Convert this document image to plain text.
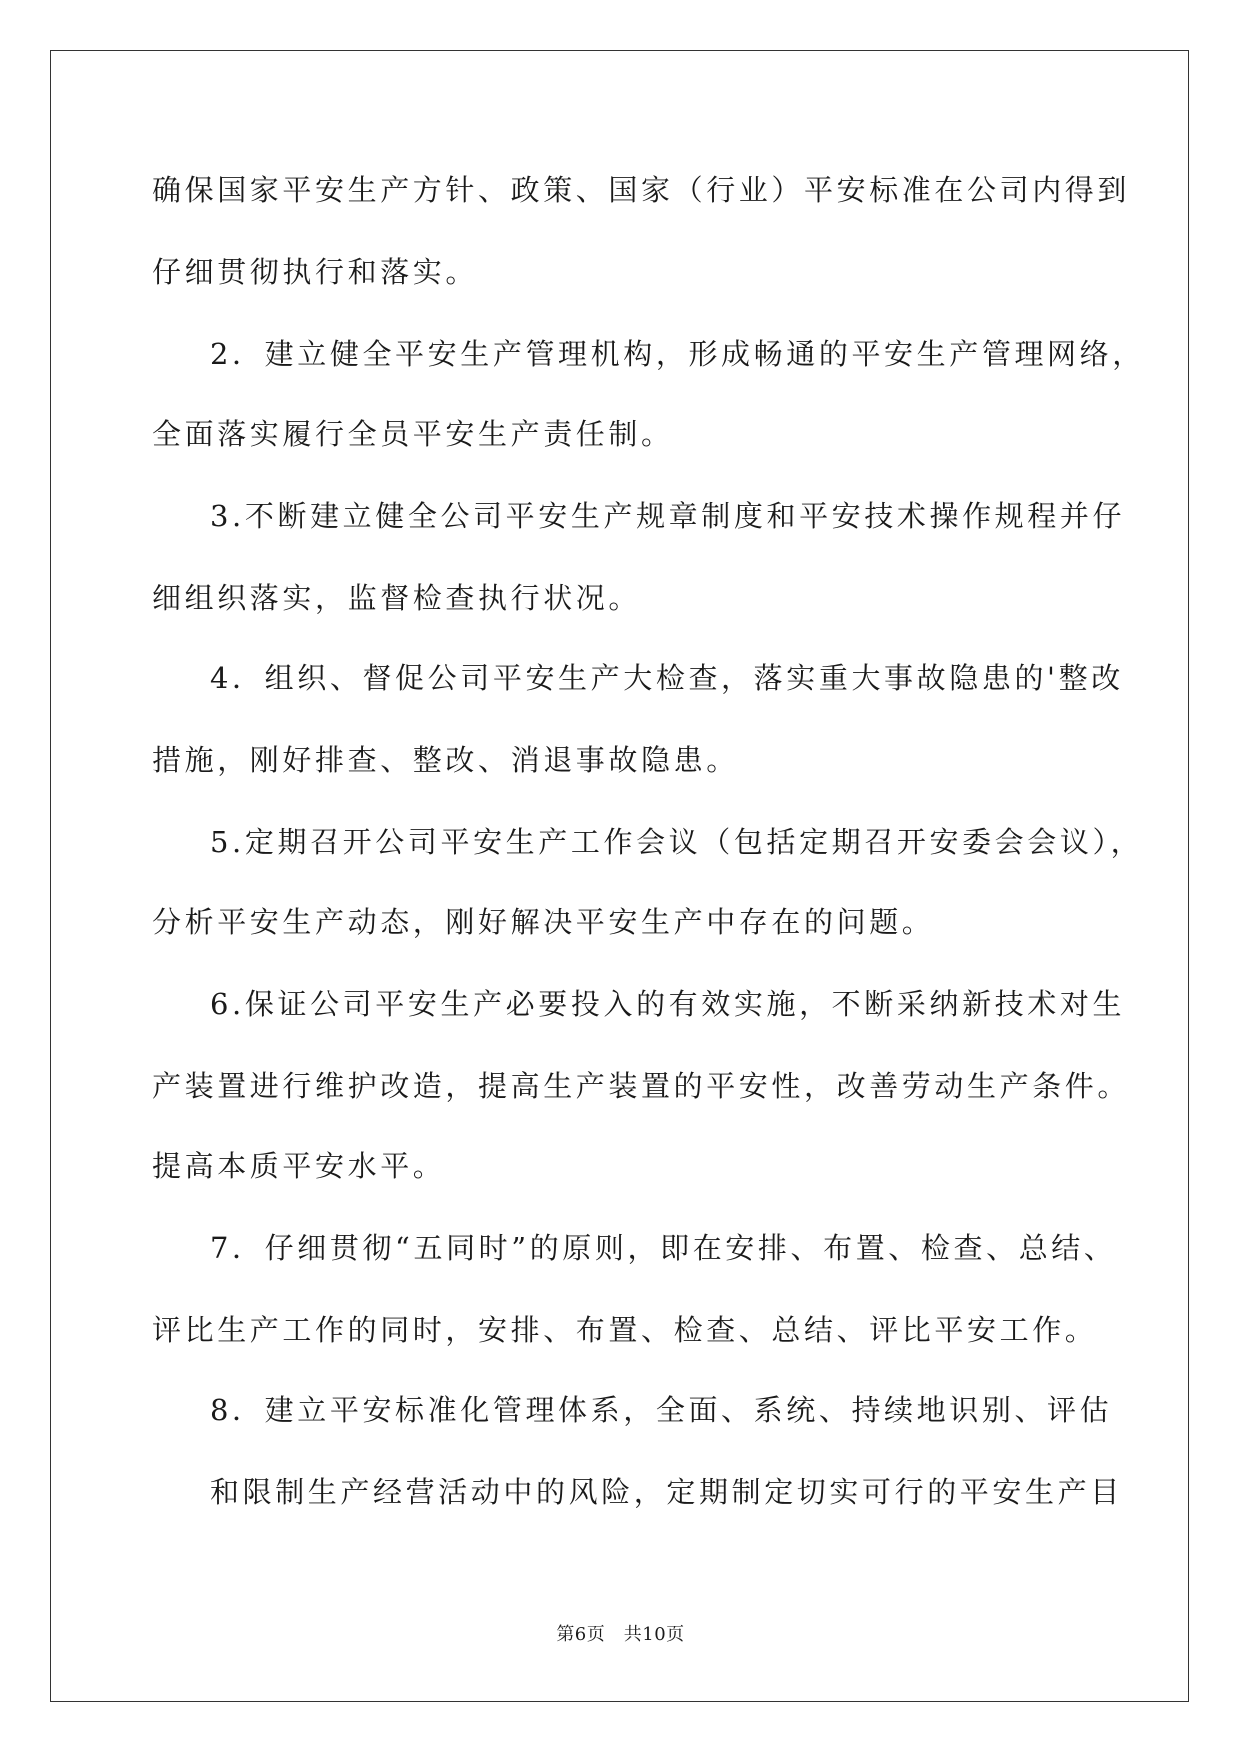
确保国家平安生产方针、政策、国家（行业）平安标准在公司内得到
仔细贯彻执行和落实。
2．建立健全平安生产管理机构，形成畅通的平安生产管理网络，
全面落实履行全员平安生产责任制。
3.不断建立健全公司平安生产规章制度和平安技术操作规程并仔
细组织落实，监督检查执行状况。
4．组织、督促公司平安生产大检查，落实重大事故隐患的'整改
措施，刚好排查、整改、消退事故隐患。
5.定期召开公司平安生产工作会议（包括定期召开安委会会议），
分析平安生产动态，刚好解决平安生产中存在的问题。
6.保证公司平安生产必要投入的有效实施，不断采纳新技术对生
产装置进行维护改造，提高生产装置的平安性，改善劳动生产条件。
提高本质平安水平。
7．仔细贯彻“五同时”的原则，即在安排、布置、检查、总结、
评比生产工作的同时，安排、布置、检查、总结、评比平安工作。
8．建立平安标准化管理体系，全面、系统、持续地识别、评估
和限制生产经营活动中的风险，定期制定切实可行的平安生产目
第6页　共10页
